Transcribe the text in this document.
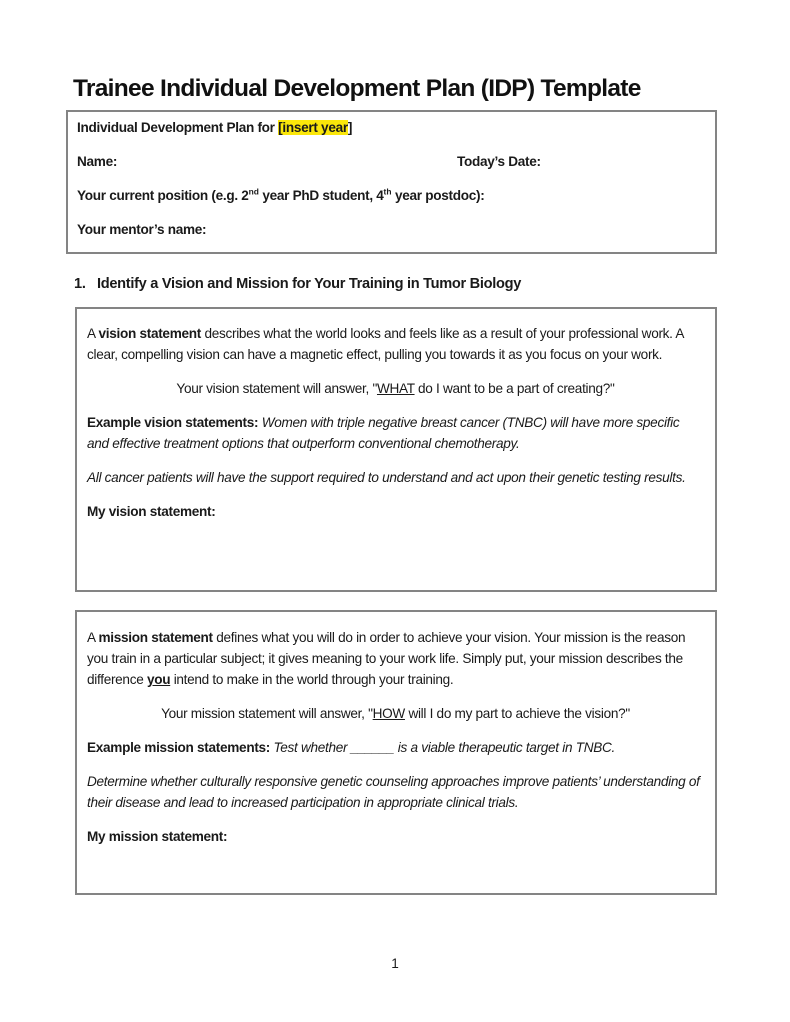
Trainee Individual Development Plan (IDP) Template

Individual Development Plan for [insert year]

Name:	Today’s Date:

Your current position (e.g. 2nd year PhD student, 4th year postdoc):

Your mentor’s name:

1. Identify a Vision and Mission for Your Training in Tumor Biology

A vision statement describes what the world looks and feels like as a result of your professional work. A clear, compelling vision can have a magnetic effect, pulling you towards it as you focus on your work.

Your vision statement will answer, "WHAT do I want to be a part of creating?"

Example vision statements: Women with triple negative breast cancer (TNBC) will have more specific and effective treatment options that outperform conventional chemotherapy.

All cancer patients will have the support required to understand and act upon their genetic testing results.

My vision statement:

A mission statement defines what you will do in order to achieve your vision. Your mission is the reason you train in a particular subject; it gives meaning to your work life. Simply put, your mission describes the difference you intend to make in the world through your training.

Your mission statement will answer, "HOW will I do my part to achieve the vision?"

Example mission statements: Test whether ______ is a viable therapeutic target in TNBC.

Determine whether culturally responsive genetic counseling approaches improve patients’ understanding of their disease and lead to increased participation in appropriate clinical trials.

My mission statement:

1
